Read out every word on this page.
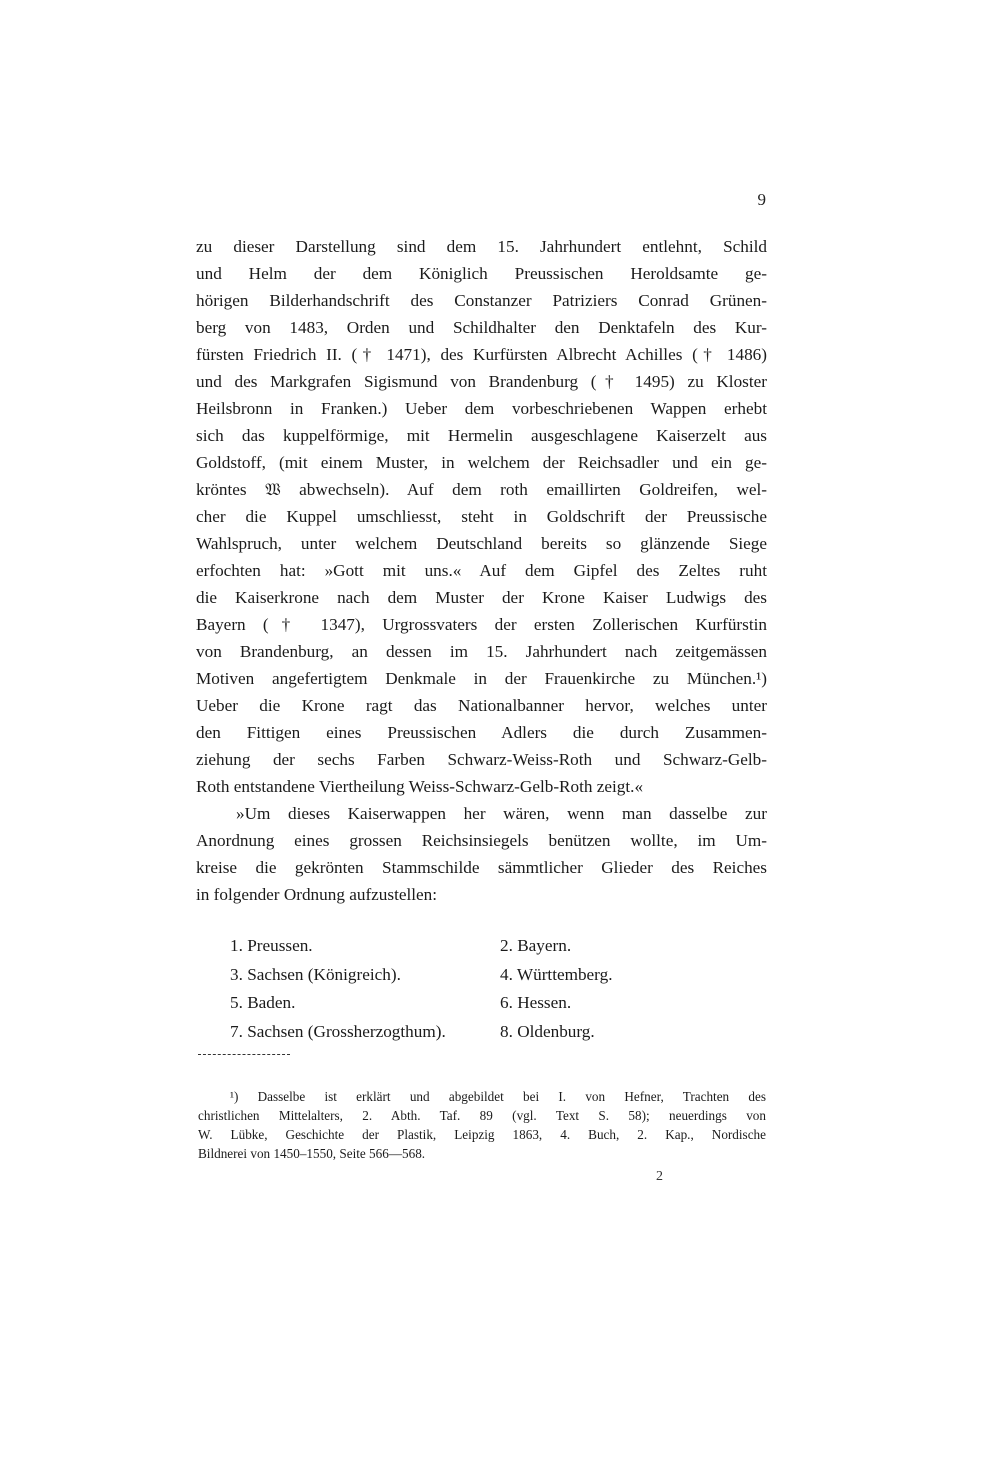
9
zu dieser Darstellung sind dem 15. Jahrhundert entlehnt, Schild
und Helm der dem Königlich Preussischen Heroldsamte ge-
hörigen Bilderhandschrift des Constanzer Patriziers Conrad Grünen-
berg von 1483, Orden und Schildhalter den Denktafeln des Kur-
fürsten Friedrich II. († 1471), des Kurfürsten Albrecht Achilles († 1486)
und des Markgrafen Sigismund von Brandenburg († 1495) zu Kloster
Heilsbronn in Franken.) Ueber dem vorbeschriebenen Wappen erhebt
sich das kuppelförmige, mit Hermelin ausgeschlagene Kaiserzelt aus
Goldstoff, (mit einem Muster, in welchem der Reichsadler und ein ge-
kröntes 𝔚 abwechseln). Auf dem roth emaillirten Goldreifen, wel-
cher die Kuppel umschliesst, steht in Goldschrift der Preussische
Wahlspruch, unter welchem Deutschland bereits so glänzende Siege
erfochten hat: »Gott mit uns.« Auf dem Gipfel des Zeltes ruht
die Kaiserkrone nach dem Muster der Krone Kaiser Ludwigs des
Bayern († 1347), Urgrossvaters der ersten Zollerischen Kurfürstin
von Brandenburg, an dessen im 15. Jahrhundert nach zeitgemässen
Motiven angefertigtem Denkmale in der Frauenkirche zu München.¹)
Ueber die Krone ragt das Nationalbanner hervor, welches unter
den Fittigen eines Preussischen Adlers die durch Zusammen-
ziehung der sechs Farben Schwarz-Weiss-Roth und Schwarz-Gelb-
Roth entstandene Viertheilung Weiss-Schwarz-Gelb-Roth zeigt.«
»Um dieses Kaiserwappen her wären, wenn man dasselbe zur
Anordnung eines grossen Reichsinsiegels benützen wollte, im Um-
kreise die gekrönten Stammschilde sämmtlicher Glieder des Reiches
in folgender Ordnung aufzustellen:
1. Preussen.	2. Bayern.
3. Sachsen (Königreich).	4. Württemberg.
5. Baden.	6. Hessen.
7. Sachsen (Grossherzogthum).	8. Oldenburg.
¹) Dasselbe ist erklärt und abgebildet bei I. von Hefner, Trachten des
christlichen Mittelalters, 2. Abth. Taf. 89 (vgl. Text S. 58); neuerdings von
W. Lübke, Geschichte der Plastik, Leipzig 1863, 4. Buch, 2. Kap., Nordische
Bildnerei von 1450–1550, Seite 566—568.
2
